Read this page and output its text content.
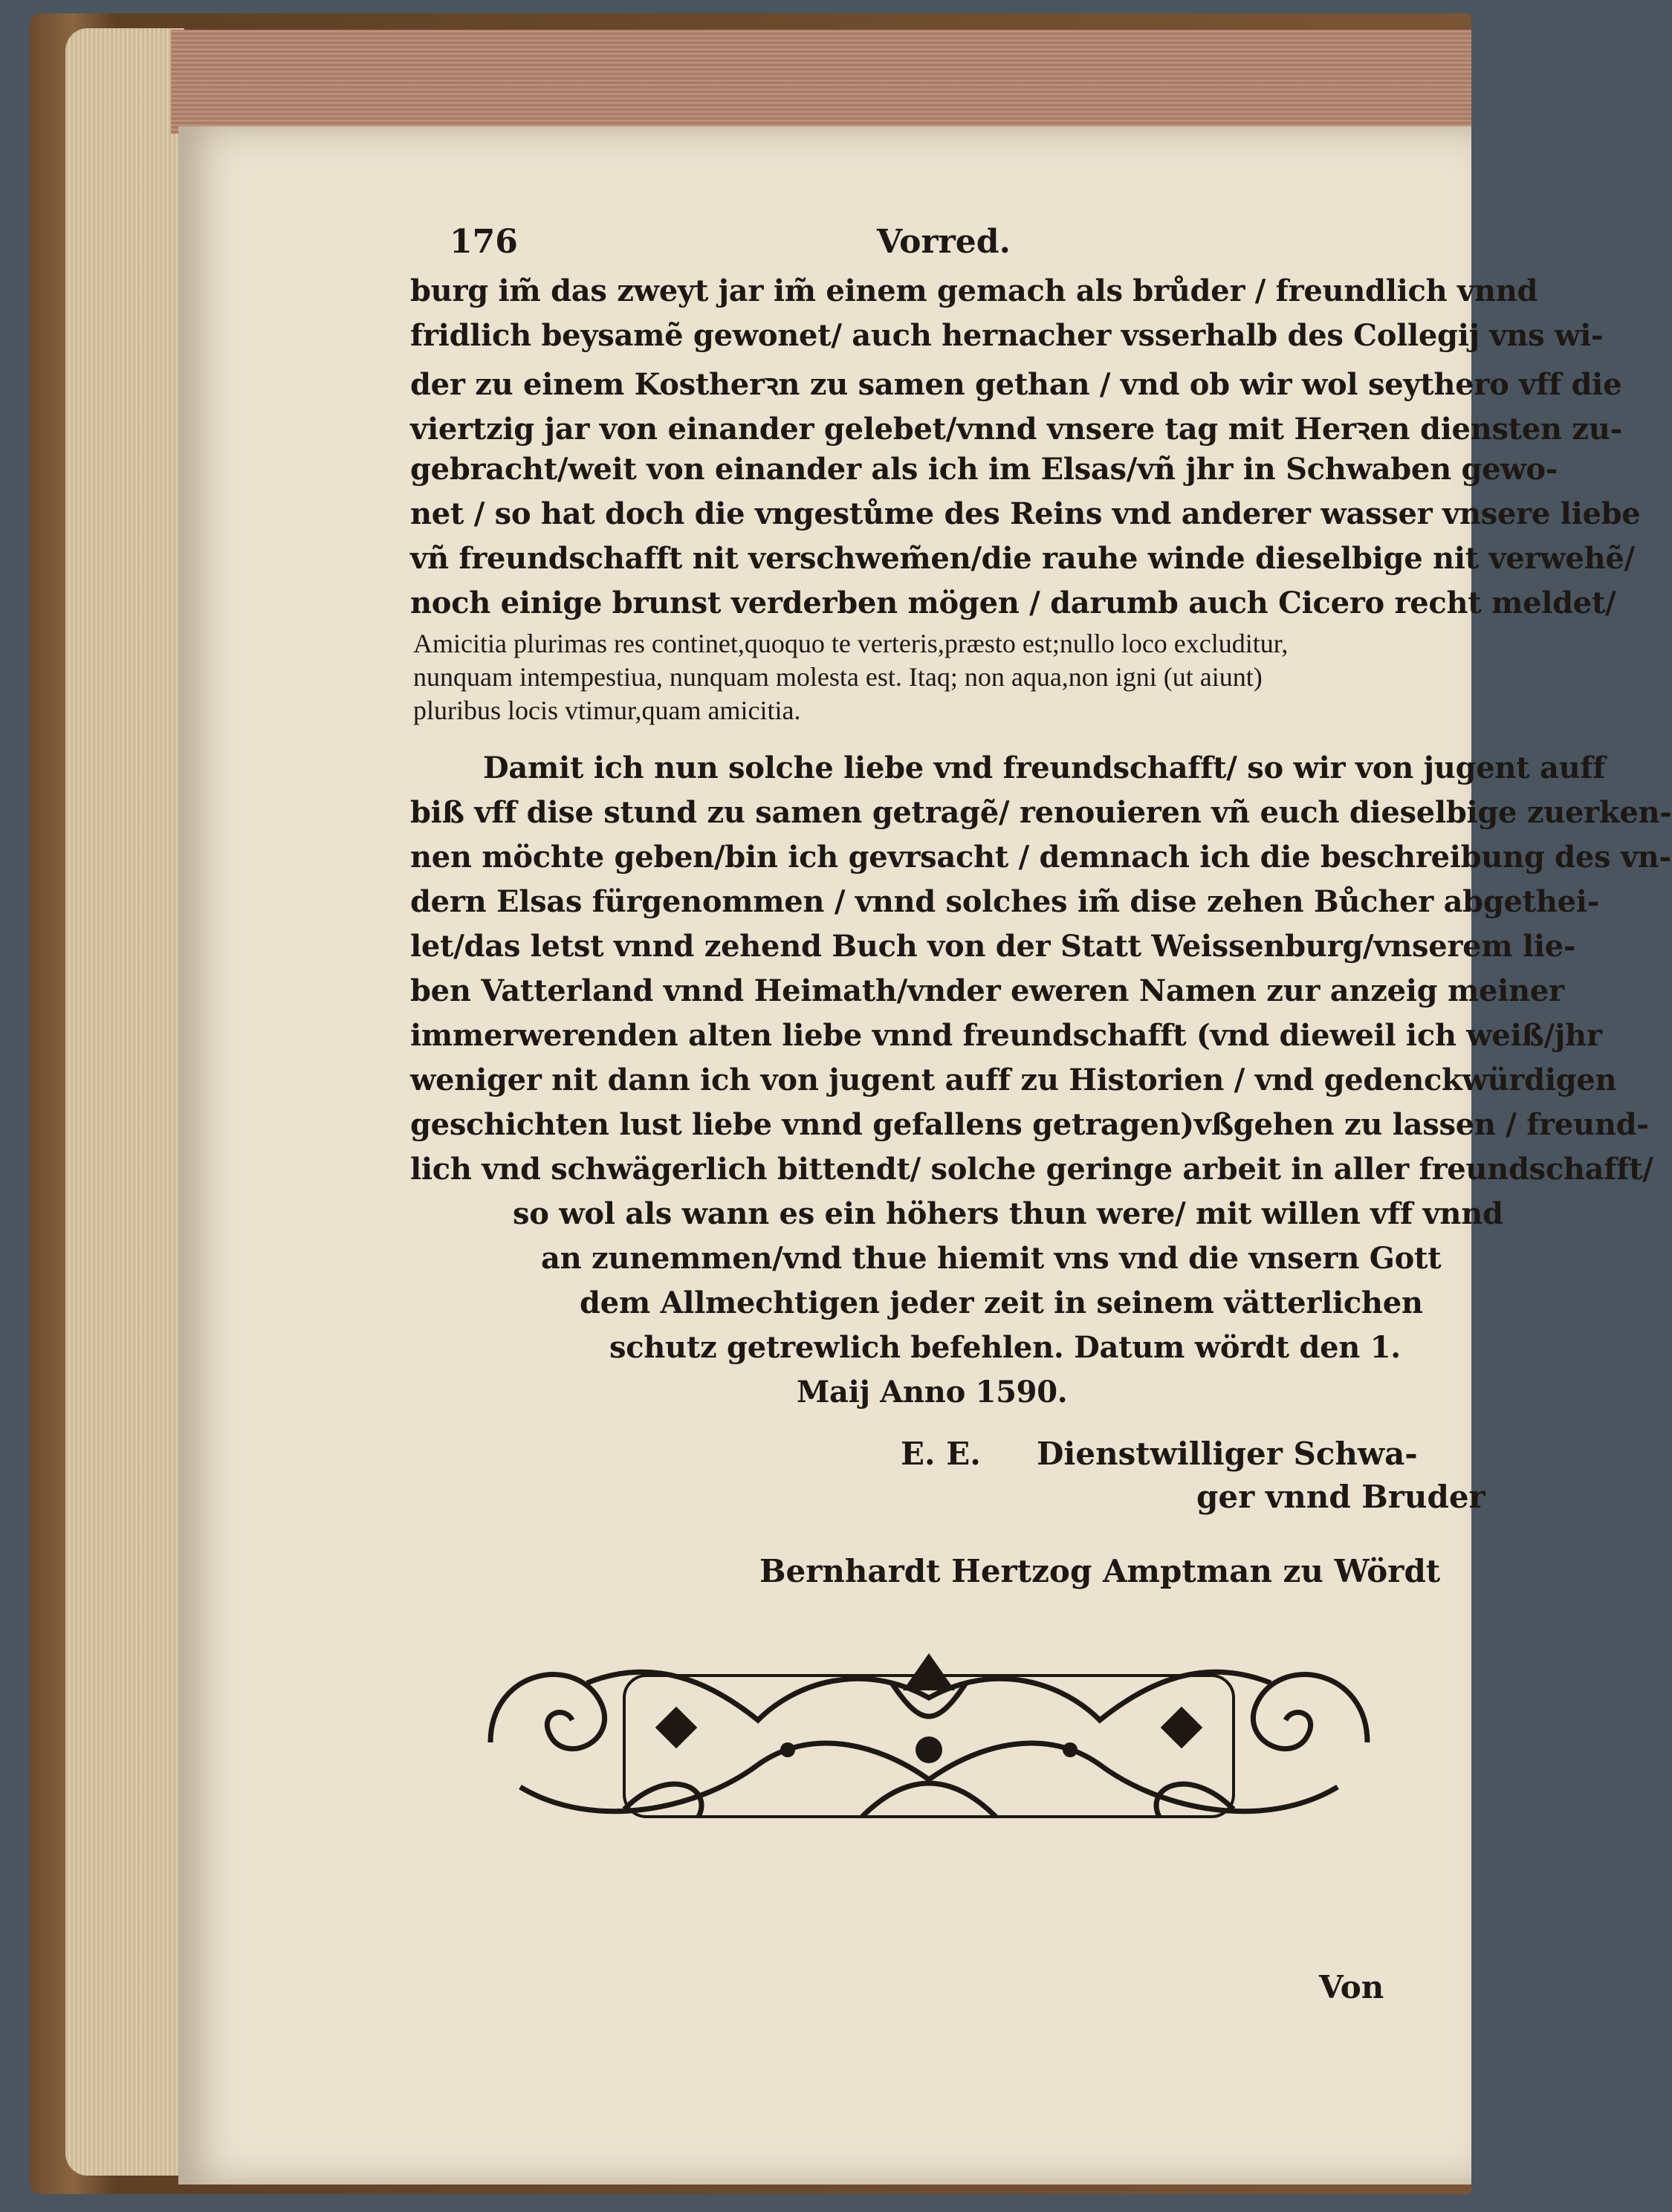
176	Vorred.
burg im̃ das zweyt jar im̃ einem gemach als brůder / freundlich vnnd
fridlich beysamẽ gewonet/ auch hernacher vsserhalb des Collegij vns wi-
der zu einem Kostherꝛn zu samen gethan / vnd ob wir wol seythero vff die
viertzig jar von einander gelebet/vnnd vnsere tag mit Herꝛen diensten zu-
gebracht/weit von einander als ich im Elsas/vñ jhr in Schwaben gewo-
net / so hat doch die vngestůme des Reins vnd anderer wasser vnsere liebe
vñ freundschafft nit verschwem̃en/die rauhe winde dieselbige nit verwehẽ/
noch einige brunst verderben mögen / darumb auch Cicero recht meldet/
Amicitia plurimas res continet,quoquo te verteris,præsto est;nullo loco excluditur,
nunquam intempestiua, nunquam molesta est. Itaq; non aqua,non igni (ut aiunt)
pluribus locis vtimur,quam amicitia.
Damit ich nun solche liebe vnd freundschafft/ so wir von jugent auff
biß vff dise stund zu samen getragẽ/ renouieren vñ euch dieselbige zuerken-
nen möchte geben/bin ich gevrsacht / demnach ich die beschreibung des vn-
dern Elsas fürgenommen / vnnd solches im̃ dise zehen Bůcher abgethei-
let/das letst vnnd zehend Buch von der Statt Weissenburg/vnserem lie-
ben Vatterland vnnd Heimath/vnder eweren Namen zur anzeig meiner
immerwerenden alten liebe vnnd freundschafft (vnd dieweil ich weiß/jhr
weniger nit dann ich von jugent auff zu Historien / vnd gedenckwürdigen
geschichten lust liebe vnnd gefallens getragen)vßgehen zu lassen / freund-
lich vnd schwägerlich bittendt/ solche geringe arbeit in aller freundschafft/
so wol als wann es ein höhers thun were/ mit willen vff vnnd
an zunemmen/vnd thue hiemit vns vnd die vnsern Gott
dem Allmechtigen jeder zeit in seinem vätterlichen
schutz getrewlich befehlen. Datum wördt den 1.
Maij Anno 1590.
E. E. Dienstwilliger Schwa-
ger vnnd Bruder
Bernhardt Hertzog Amptman zu Wördt
Von
